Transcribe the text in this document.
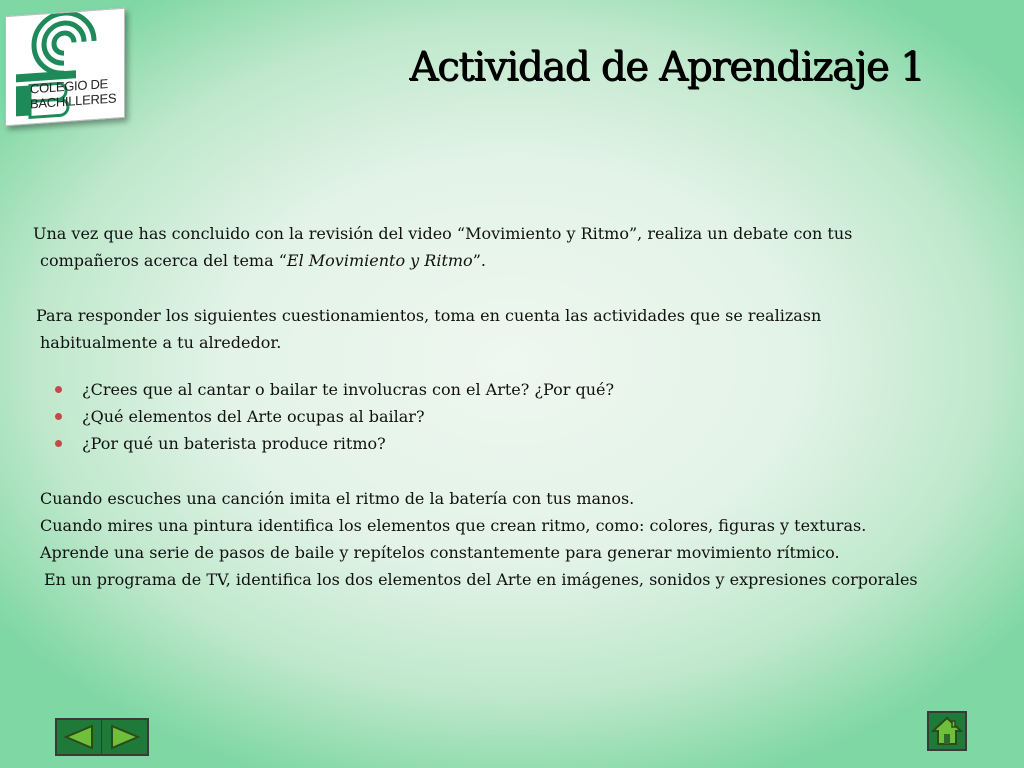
COLEGIO DE
BACHILLERES
Actividad de Aprendizaje 1

Una vez que has concluido con la revisión del video “Movimiento y Ritmo”, realiza un debate con tus

compañeros acerca del tema “El Movimiento y Ritmo”.

Para responder los siguientes cuestionamientos, toma en cuenta las actividades que se realizasn

habitualmente a tu alrededor.

¿Crees que al cantar o bailar te involucras con el Arte? ¿Por qué?
¿Qué elementos del Arte ocupas al bailar?
¿Por qué un baterista produce ritmo?

Cuando escuches una canción imita el ritmo de la batería con tus manos.

Cuando mires una pintura identifica los elementos que crean ritmo, como: colores, figuras y texturas.

Aprende una serie de pasos de baile y repítelos constantemente para generar movimiento rítmico.

En un programa de TV, identifica los dos elementos del Arte en imágenes, sonidos y expresiones corporales
